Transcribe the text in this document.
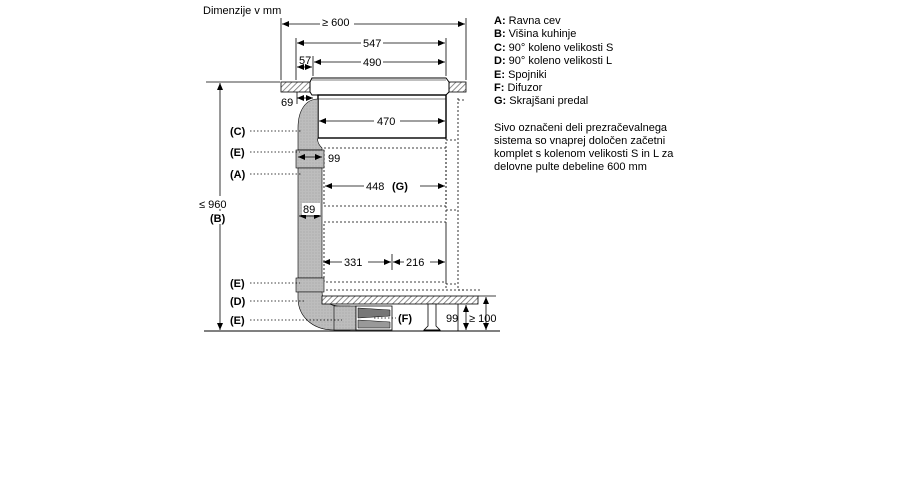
Dimenzije v mm
≥ 600
547
57	490
69
470
99
448 (G)
89
331	216
≤ 960
(B)
99 ≥ 100
(C)
(E)
(A)
(E)
(D)
(E)	(F)
A: Ravna cev
B: Višina kuhinje
C: 90° koleno velikosti S
D: 90° koleno velikosti L
E: Spojniki
F: Difuzor
G: Skrajšani predal
Sivo označeni deli prezračevalnega sistema so vnaprej določen začetni komplet s kolenom velikosti S in L za delovne pulte debeline 600 mm
